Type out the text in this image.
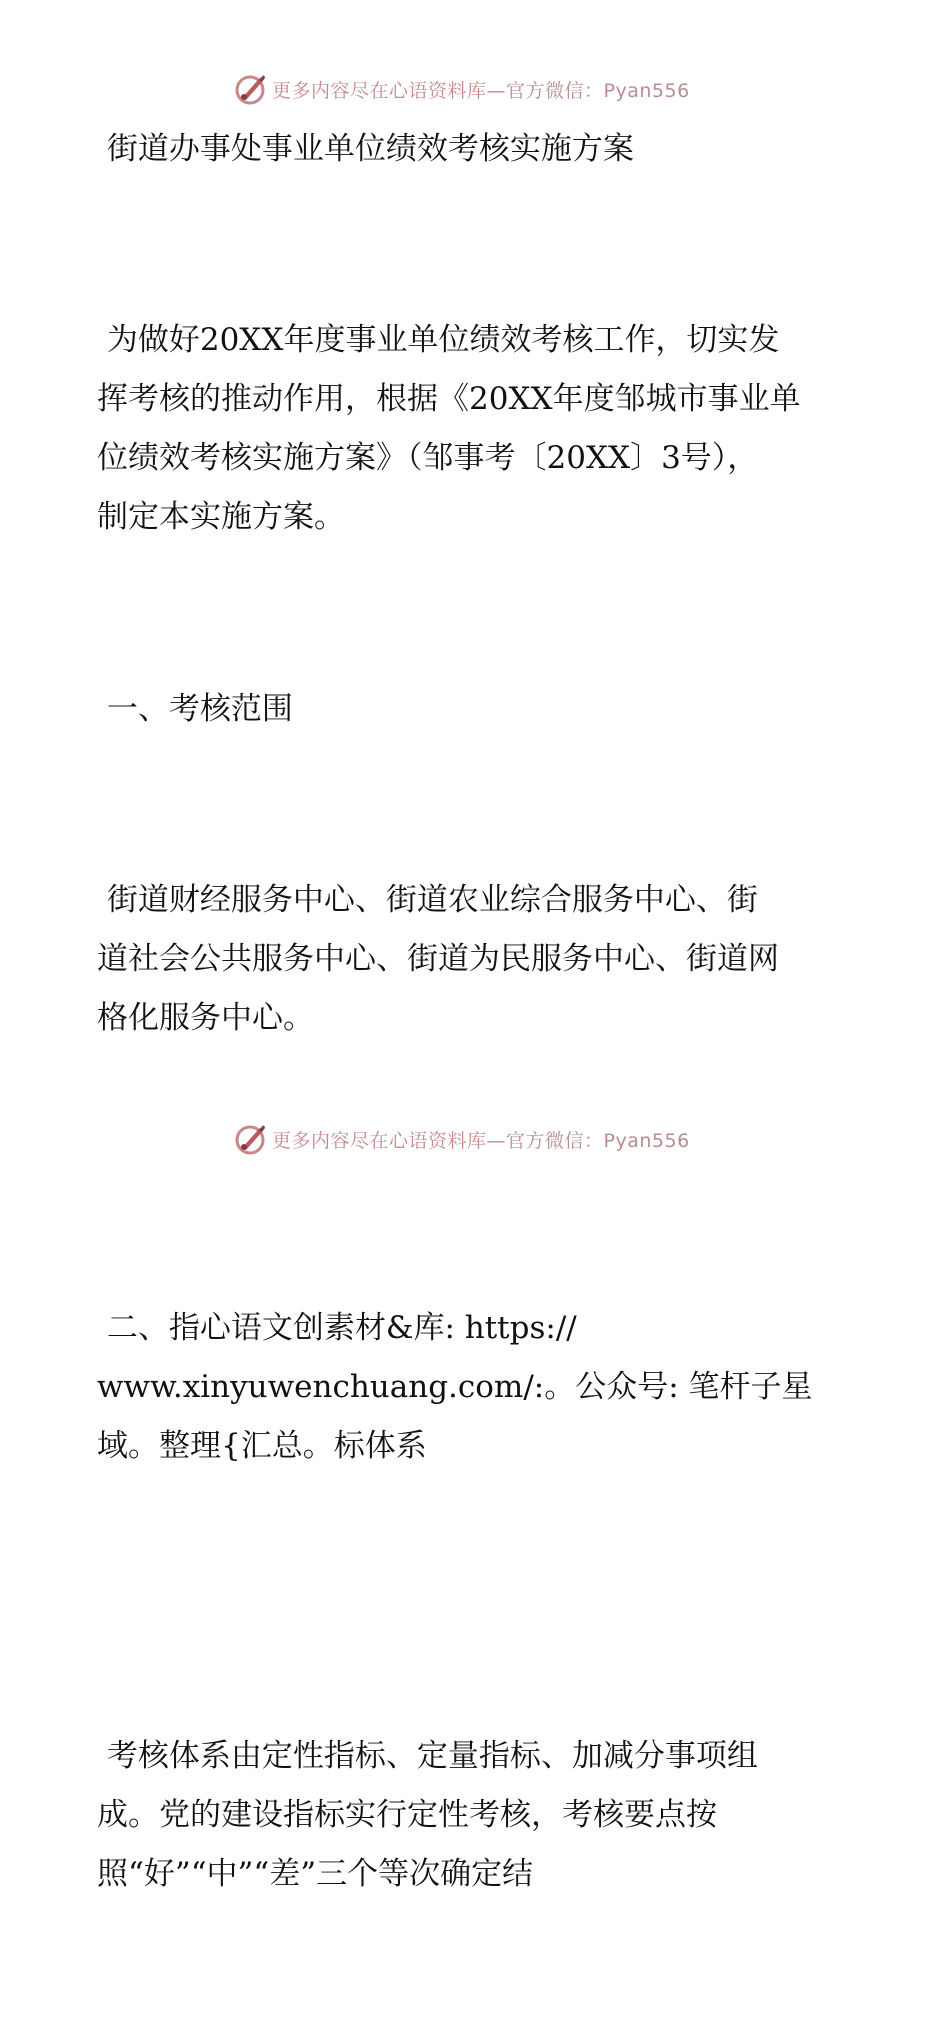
更多内容尽在心语资料库—官方微信：Pyan556

街道办事处事业单位绩效考核实施方案

为做好20XX年度事业单位绩效考核工作，切实发
挥考核的推动作用，根据《20XX年度邹城市事业单
位绩效考核实施方案》（邹事考〔20XX〕3号），
制定本实施方案。

一、考核范围

街道财经服务中心、街道农业综合服务中心、街
道社会公共服务中心、街道为民服务中心、街道网
格化服务中心。

二、指心语文创素材&库: https://
www.xinyuwenchuang.com/:。公众号: 笔杆子星
域。整理{汇总。标体系

考核体系由定性指标、定量指标、加减分事项组
成。党的建设指标实行定性考核，考核要点按
照“好”“中”“差”三个等次确定结

更多内容尽在心语资料库—官方微信：Pyan556
